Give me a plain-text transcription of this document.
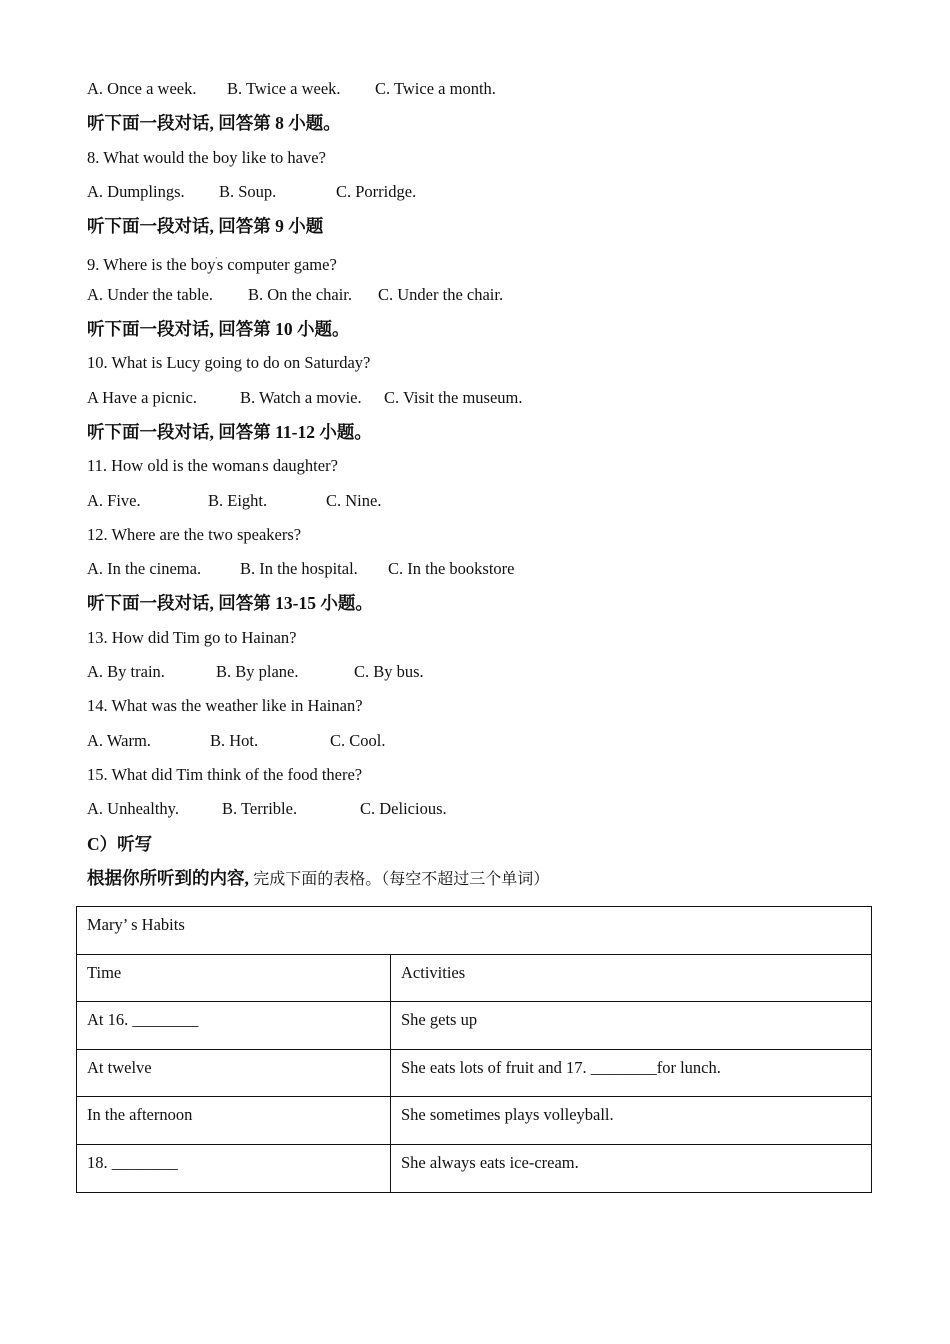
A. Once a week. B. Twice a week. C. Twice a month.
听下面一段对话, 回答第 8 小题。
8. What would the boy like to have?
A. Dumplings. B. Soup.	C. Porridge.
听下面一段对话, 回答第 9 小题
9. Where is the boy's computer game?
A. Under the table. B. On the chair. C. Under the chair.
听下面一段对话, 回答第 10 小题。
10. What is Lucy going to do on Saturday?
A Have a picnic.	B. Watch a movie. C. Visit the museum.
听下面一段对话, 回答第 11-12 小题。
11. How old is the woman.s daughter?
A. Five.	B. Eight.	C. Nine.
12. Where are the two speakers?
A. In the cinema. B. In the hospital. C. In the bookstore
听下面一段对话, 回答第 13-15 小题。
13. How did Tim go to Hainan?
A. By train.	B. By plane.	C. By bus.
14. What was the weather like in Hainan?
A. Warm.	B. Hot.	C. Cool.
15. What did Tim think of the food there?
A. Unhealthy.	B. Terrible.	C. Delicious.
C）听写
根据你所听到的内容, 完成下面的表格。（每空不超过三个单词）
Mary’ s Habits	
Time	Activities
At 16. ________	She gets up
At twelve	She eats lots of fruit and 17. ________for lunch.
In the afternoon	She sometimes plays volleyball.
18. ________	She always eats ice-cream.
